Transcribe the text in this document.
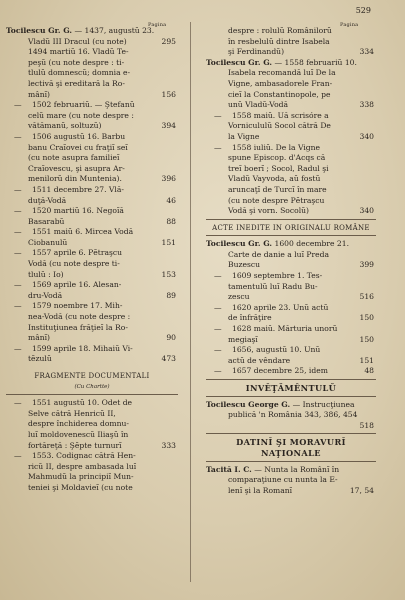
529
Pagina	Pagina
Tocilescu Gr. G. — 1437, augustŭ 23.
Vladŭ III Dracul (cu note)	295
1494 martiŭ 16. Vladŭ Te-
peşŭ (cu note despre : ti-
tlulŭ domnescŭ; domnia e-
lectivă şi ereditară la Ro-
mânĭ)	156
— 1502 februariŭ. — Ştefanŭ
celŭ mare (cu note despre :
vătămanŭ, soltuzŭ)	394
— 1506 augustŭ 16. Barbu
banu Craĭovei cu fraţiĭ seĭ
(cu note asupra familieĭ
Craĭovescu, şi asupra Ar-
menilorŭ din Muntenia).	396
— 1511 decembre 27. Vlă-
duţă-Vodă	46
— 1520 martiŭ 16. Negoĭă
Basarabŭ	88
— 1551 maiŭ 6. Mircea Vodă
Ciobanulŭ	151
— 1557 aprile 6. Pĕtraşcu
Vodă (cu note despre ti-
tlulŭ : Io)	153
— 1569 aprile 16. Alesan-
dru-Vodă	89
— 1579 noembre 17. Mih-
nea-Vodă (cu note despre :
Instituţiunea frăţieĭ la Ro-
mânĭ)	90
— 1599 aprile 18. Mihaiŭ Vi-
tĕzulŭ	473
FRAGMENTE DOCUMENTALI
(Cu Chartte)
— 1551 augustŭ 10. Odet de
Selve cătră Henricŭ II,
despre închiderea domnu-
luĭ moldovenescŭ Iliaşŭ în
fortăreţă : Şĕpte turnurĭ	333
— 1553. Codignac cătră Hen-
ricŭ II, despre ambasada luĭ
Mahmudŭ la principiĭ Mun-
teniei şi Moldavieĭ (cu note
despre : rolulŭ Românilorŭ
în resbelulŭ dintre Isabela
şi Ferdinandŭ)	334
Tocilescu Gr. G. — 1558 februariŭ 10.
Isabela recomandă luĭ De la
Vigne, ambasadorele Fran-
cieĭ la Constantinopole, pe
unŭ Vladŭ-Vodă	338
— 1558 maiŭ. Uă scrisóre a
Vornicululŭ Socol cătră De
la Vigne	340
— 1558 iuliŭ. De la Vigne
spune Episcop. d'Acqs că
treĭ boerĭ ; Socol, Radul şi
Vladŭ Vayvoda, aŭ fostŭ
aruncaţĭ de Turcĭ în mare
(cu note despre Pĕtraşcu
Vodă şi vorn. Socolŭ)	340
ACTE INEDITE IN ORIGINALU ROMÂNE
Tocilescu Gr. G. 1600 decembre 21.
Carte de danie a luĭ Preda
Buzescu	399
— 1609 septembre 1. Tes-
tamentulŭ luĭ Radu Bu-
zescu	516
— 1620 aprile 23. Unŭ actŭ
de înfrăţire	150
— 1628 maiŭ. Mărturia unorŭ
megiaşĭ	150
— 1656, augustŭ 10. Unŭ
actŭ de vêndare	151
— 1657 decembre 25, idem	48
INVĔŢĂMÊNTULŬ
Tocilescu George G. — Instrucţiunea
publică 'n România 343, 386, 454
518
DATINĬ ŞI MORAVURĬ NAŢIONALE
Tacită I. C. — Nunta la Românĭ în
comparaţiune cu nunta la E-
lenĭ şi la Romanĭ	17, 54
